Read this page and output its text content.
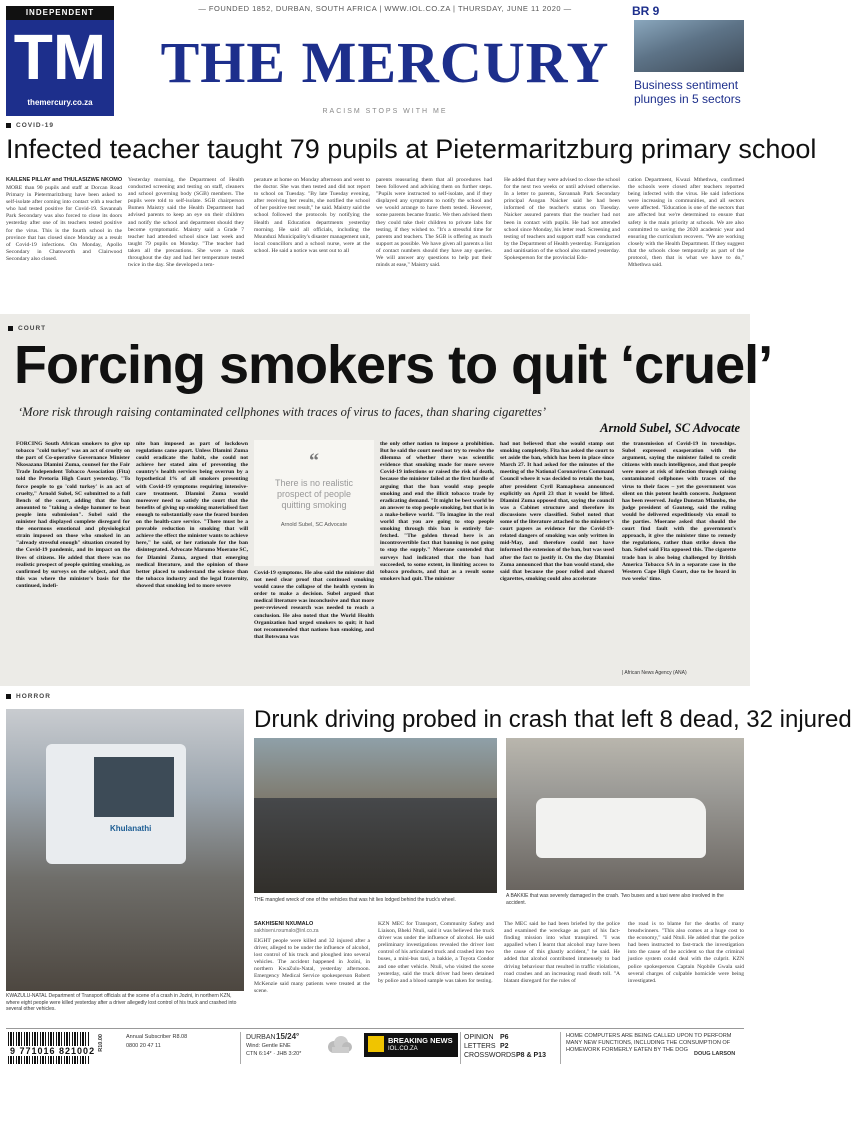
INDEPENDENT
TM
themercury.co.za
— FOUNDED 1852, DURBAN, SOUTH AFRICA | WWW.IOL.CO.ZA | THURSDAY, JUNE 11 2020 —
THE MERCURY
RACISM STOPS WITH ME
BR 9
Business sentiment plunges in 5 sectors
COVID-19
Infected teacher taught 79 pupils at Pietermaritzburg primary school
KAILENE PILLAY and THULASIZWE NKOMO
MORE than 90 pupils and staff at Dorcan Road Primary in Pietermaritzburg have been asked to self-isolate after coming into contact with a teacher who had tested positive for Covid-19. Savannah Park Secondary was also forced to close its doors yesterday after one of its teachers tested positive for the virus. This is the fourth school in the province that has closed since Monday as a result of Covid-19 infections. On Monday, Apollo Secondary in Chatsworth and Clairwood Secondary also closed.
Yesterday morning, the Department of Health conducted screening and testing on staff, cleaners and school governing body (SGB) members. The pupils were told to self-isolate. SGB chairperson Bumen Maistry said the Health Department had advised parents to keep an eye on their children and notify the school and department should they become symptomatic. Maistry said a Grade 7 teacher had attended school since last week and taught 79 pupils on Monday. "The teacher had taken all the precautions. She wore a mask throughout the day and had her temperature tested twice in the day. She developed a tem-
perature at home on Monday afternoon and went to the doctor. She was then tested and did not report to school on Tuesday. "By late Tuesday evening, after receiving her results, she notified the school of her positive test result," he said. Maistry said the school followed the protocols by notifying the Health and Education departments yesterday morning. He said all officials, including the Msunduzi Municipality's disaster management unit, local councillors and a school nurse, were at the school. He said a notice was sent out to all
parents reassuring them that all procedures had been followed and advising them on further steps. "Pupils were instructed to self-isolate, and if they displayed any symptoms to notify the school and we would arrange to have them tested. However, some parents became frantic. We then advised them they could take their children to private labs for testing, if they wished to. "It's a stressful time for parents and teachers. The SGB is offering as much support as possible. We have given all parents a list of contact numbers should they have any queries. We will answer any questions to help put their minds at ease," Maistry said.
He added that they were advised to close the school for the next two weeks or until advised otherwise. In a letter to parents, Savannah Park Secondary principal Asogan Naicker said he had been informed of the teacher's status on Tuesday. Naicker assured parents that the teacher had not been in contact with pupils. He had not attended school since Monday, his letter read. Screening and testing of teachers and support staff was conducted by the Department of Health yesterday. Fumigation and sanitisation of the school also started yesterday. Spokesperson for the provincial Edu-
cation Department, Kwazi Mthethwa, confirmed the schools were closed after teachers reported being infected with the virus. He said infections were increasing in communities, and all sectors were affected. "Education is one of the sectors that are affected but we're determined to ensure that safety is the main priority at schools. We are also committed to saving the 2020 academic year and ensuring the curriculum recovers. "We are working closely with the Health Department. If they suggest that the schools close temporarily as part of the protocol, then that is what we have to do," Mthethwa said.
COURT
Forcing smokers to quit ‘cruel’
‘More risk through raising contaminated cellphones with traces of virus to faces, than sharing cigarettes’
Arnold Subel, SC Advocate
FORCING South African smokers to give up tobacco "cold turkey" was an act of cruelty on the part of Co-operative Governance Minister Nkosazana Dlamini Zuma, counsel for the Fair Trade Independent Tobacco Association (Fita) told the Pretoria High Court yesterday. "To force people to go 'cold turkey' is an act of cruelty," Arnold Subel, SC submitted to a full Bench of the court, adding that the ban amounted to "taking a sledge hammer to beat people into submission". Subel said the minister had displayed complete disregard for the enormous emotional and physiological strain imposed on those who smoked in an "already stressful enough" situation created by the Covid-19 pandemic, and its impact on the lives of citizens. He added that there was no realistic prospect of people quitting smoking, as confirmed by surveys on the subject, and that this was where the minister's basis for the continued, indefi-
nite ban imposed as part of lockdown regulations came apart. Unless Dlamini Zuma could eradicate the habit, she could not achieve her stated aim of preventing the country's health services being overrun by a hypothetical 1% of all smokers presenting with Covid-19 symptoms requiring intensive-care treatment. Dlamini Zuma would moreover need to satisfy the court that the benefits of giving up smoking materialised fast enough to substantially ease the feared burden on the health-care service. "There must be a provable reduction in smoking that will achieve the effect the minister wants to achieve here," he said, or her rationale for the ban disintegrated. Advocate Marumo Moerane SC, for Dlamini Zuma, argued that emerging medical literature, and the opinion of those better placed to understand the science than the tobacco industry and the legal fraternity, showed that smoking led to more severe
“
There is no realistic prospect of people quitting smoking
Arnold Subel, SC Advocate
Covid-19 symptoms. He also said the minister did not need clear proof that continued smoking would cause the collapse of the health system in order to make a decision. Subel argued that medical literature was inconclusive and that more peer-reviewed research was needed to reach a conclusion. He also noted that the World Health Organization had urged smokers to quit; it had not recommended that nations ban smoking, and that Botswana was
the only other nation to impose a prohibition. But he said the court need not try to resolve the dilemma of whether there was scientific evidence that smoking made for more severe Covid-19 infections or raised the risk of death, because the minister failed at the first hurdle of arguing that the ban would stop people smoking and end the illicit tobacco trade by eradicating demand. "It might be best world be an answer to stop people smoking, but that is in a make-believe world. "To imagine in the real world that you are going to stop people smoking through this ban is entirely far-fetched. "The golden thread here is an incontrovertible fact that banning is not going to stop the supply." Moerane contended that surveys had indicated that the ban had succeeded, to some extent, in limiting access to tobacco products, and that as a result some smokers had quit. The minister
had not believed that she would stamp out smoking completely. Fita has asked the court to set aside the ban, which has been in place since March 27. It had asked for the minutes of the meeting of the National Coronavirus Command Council where it was decided to retain the ban, after president Cyril Ramaphosa announced explicitly on April 23 that it would be lifted. Dlamini Zuma opposed that, saying the council was a Cabinet structure and therefore its discussions were classified. Subel noted that some of the literature attached to the minister's court papers as evidence for the Covid-19-related dangers of smoking was only written in mid-May, and therefore could not have informed the extension of the ban, but was used after the fact to justify it. On the day Dlamini Zuma announced that the ban would stand, she said that because the poor rolled and shared cigarettes, smoking could also accelerate
the transmission of Covid-19 in townships. Subel expressed exasperation with the argument, saying the minister failed to credit citizens with much intelligence, and that people were more at risk of infection through raising contaminated cellphones with traces of the virus to their faces – yet the government was silent on this potent health concern. Judgment has been reserved. Judge Dunstan Mlambo, the judge president of Gauteng, said the ruling would be delivered expeditiously via email to the parties. Moerane asked that should the court find fault with the government's approach, it give the minister time to remedy the regulations, rather than strike down the ban. Subel said Fita opposed this. The cigarette trade ban is also being challenged by British America Tobacco SA in a separate case in the Western Cape High Court, due to be heard in two weeks' time.
| African News Agency (ANA)
HORROR
Drunk driving probed in crash that left 8 dead, 32 injured
Khulanathi
KWAZULU-NATAL Department of Transport officials at the scene of a crash in Jozini, in northern KZN, where eight people were killed yesterday after a driver allegedly lost control of his truck and crashed into several other vehicles.
THE mangled wreck of one of the vehicles that was hit lies lodged behind the truck's wheel.
A BAKKIE that was severely damaged in the crash. Two buses and a taxi were also involved in the accident.
SAKHISENI NXUMALO
sakhiseni.nxumalo@inl.co.za
EIGHT people were killed and 32 injured after a driver, alleged to be under the influence of alcohol, lost control of his truck and ploughed into several vehicles. The accident happened in Jozini, in northern KwaZulu-Natal, yesterday afternoon. Emergency Medical Service spokesperson Robert McKenzie said many patients were treated at the scene.
KZN MEC for Transport, Community Safety and Liaison, Bheki Ntuli, said it was believed the truck driver was under the influence of alcohol. He said preliminary investigations revealed the driver lost control of his articulated truck and crashed into two buses, a mini-bus taxi, a bakkie, a Toyota Condor and one other vehicle. Ntuli, who visited the scene yesterday, said the truck driver had been detained by police and a blood sample was taken for testing.
The MEC said he had been briefed by the police and examined the wreckage as part of his fact-finding mission into what transpired. "I was appalled when I learnt that alcohol may have been the cause of this ghastly accident," he said. He added that alcohol contributed immensely to bad driving behaviour that resulted in traffic violations, road crashes and an increasing road death toll. "A blatant disregard for the rules of
the road is to blame for the deaths of many breadwinners. "This also comes at a huge cost to the economy," said Ntuli. He added that the police had been instructed to fast-track the investigation into the cause of the accident so that the criminal justice system could deal with the culprit. KZN police spokesperson Captain Nqobile Gwala said several charges of culpable homicide were being investigated.
9 771016 821002 R10.00	Annual Subscriber R8.08
0800 20 47 11
DURBAN 15/24°
Wind: Gentle ENE
CTN 6:14* · JHB 3:20*
BREAKING NEWS
IOL.CO.ZA
OPINION
LETTERS
CROSSWORDS
P6
P2
P8 & P13
HOME COMPUTERS ARE BEING CALLED UPON TO PERFORM MANY NEW FUNCTIONS, INCLUDING THE CONSUMPTION OF HOMEWORK FORMERLY EATEN BY THE DOG
DOUG LARSON
